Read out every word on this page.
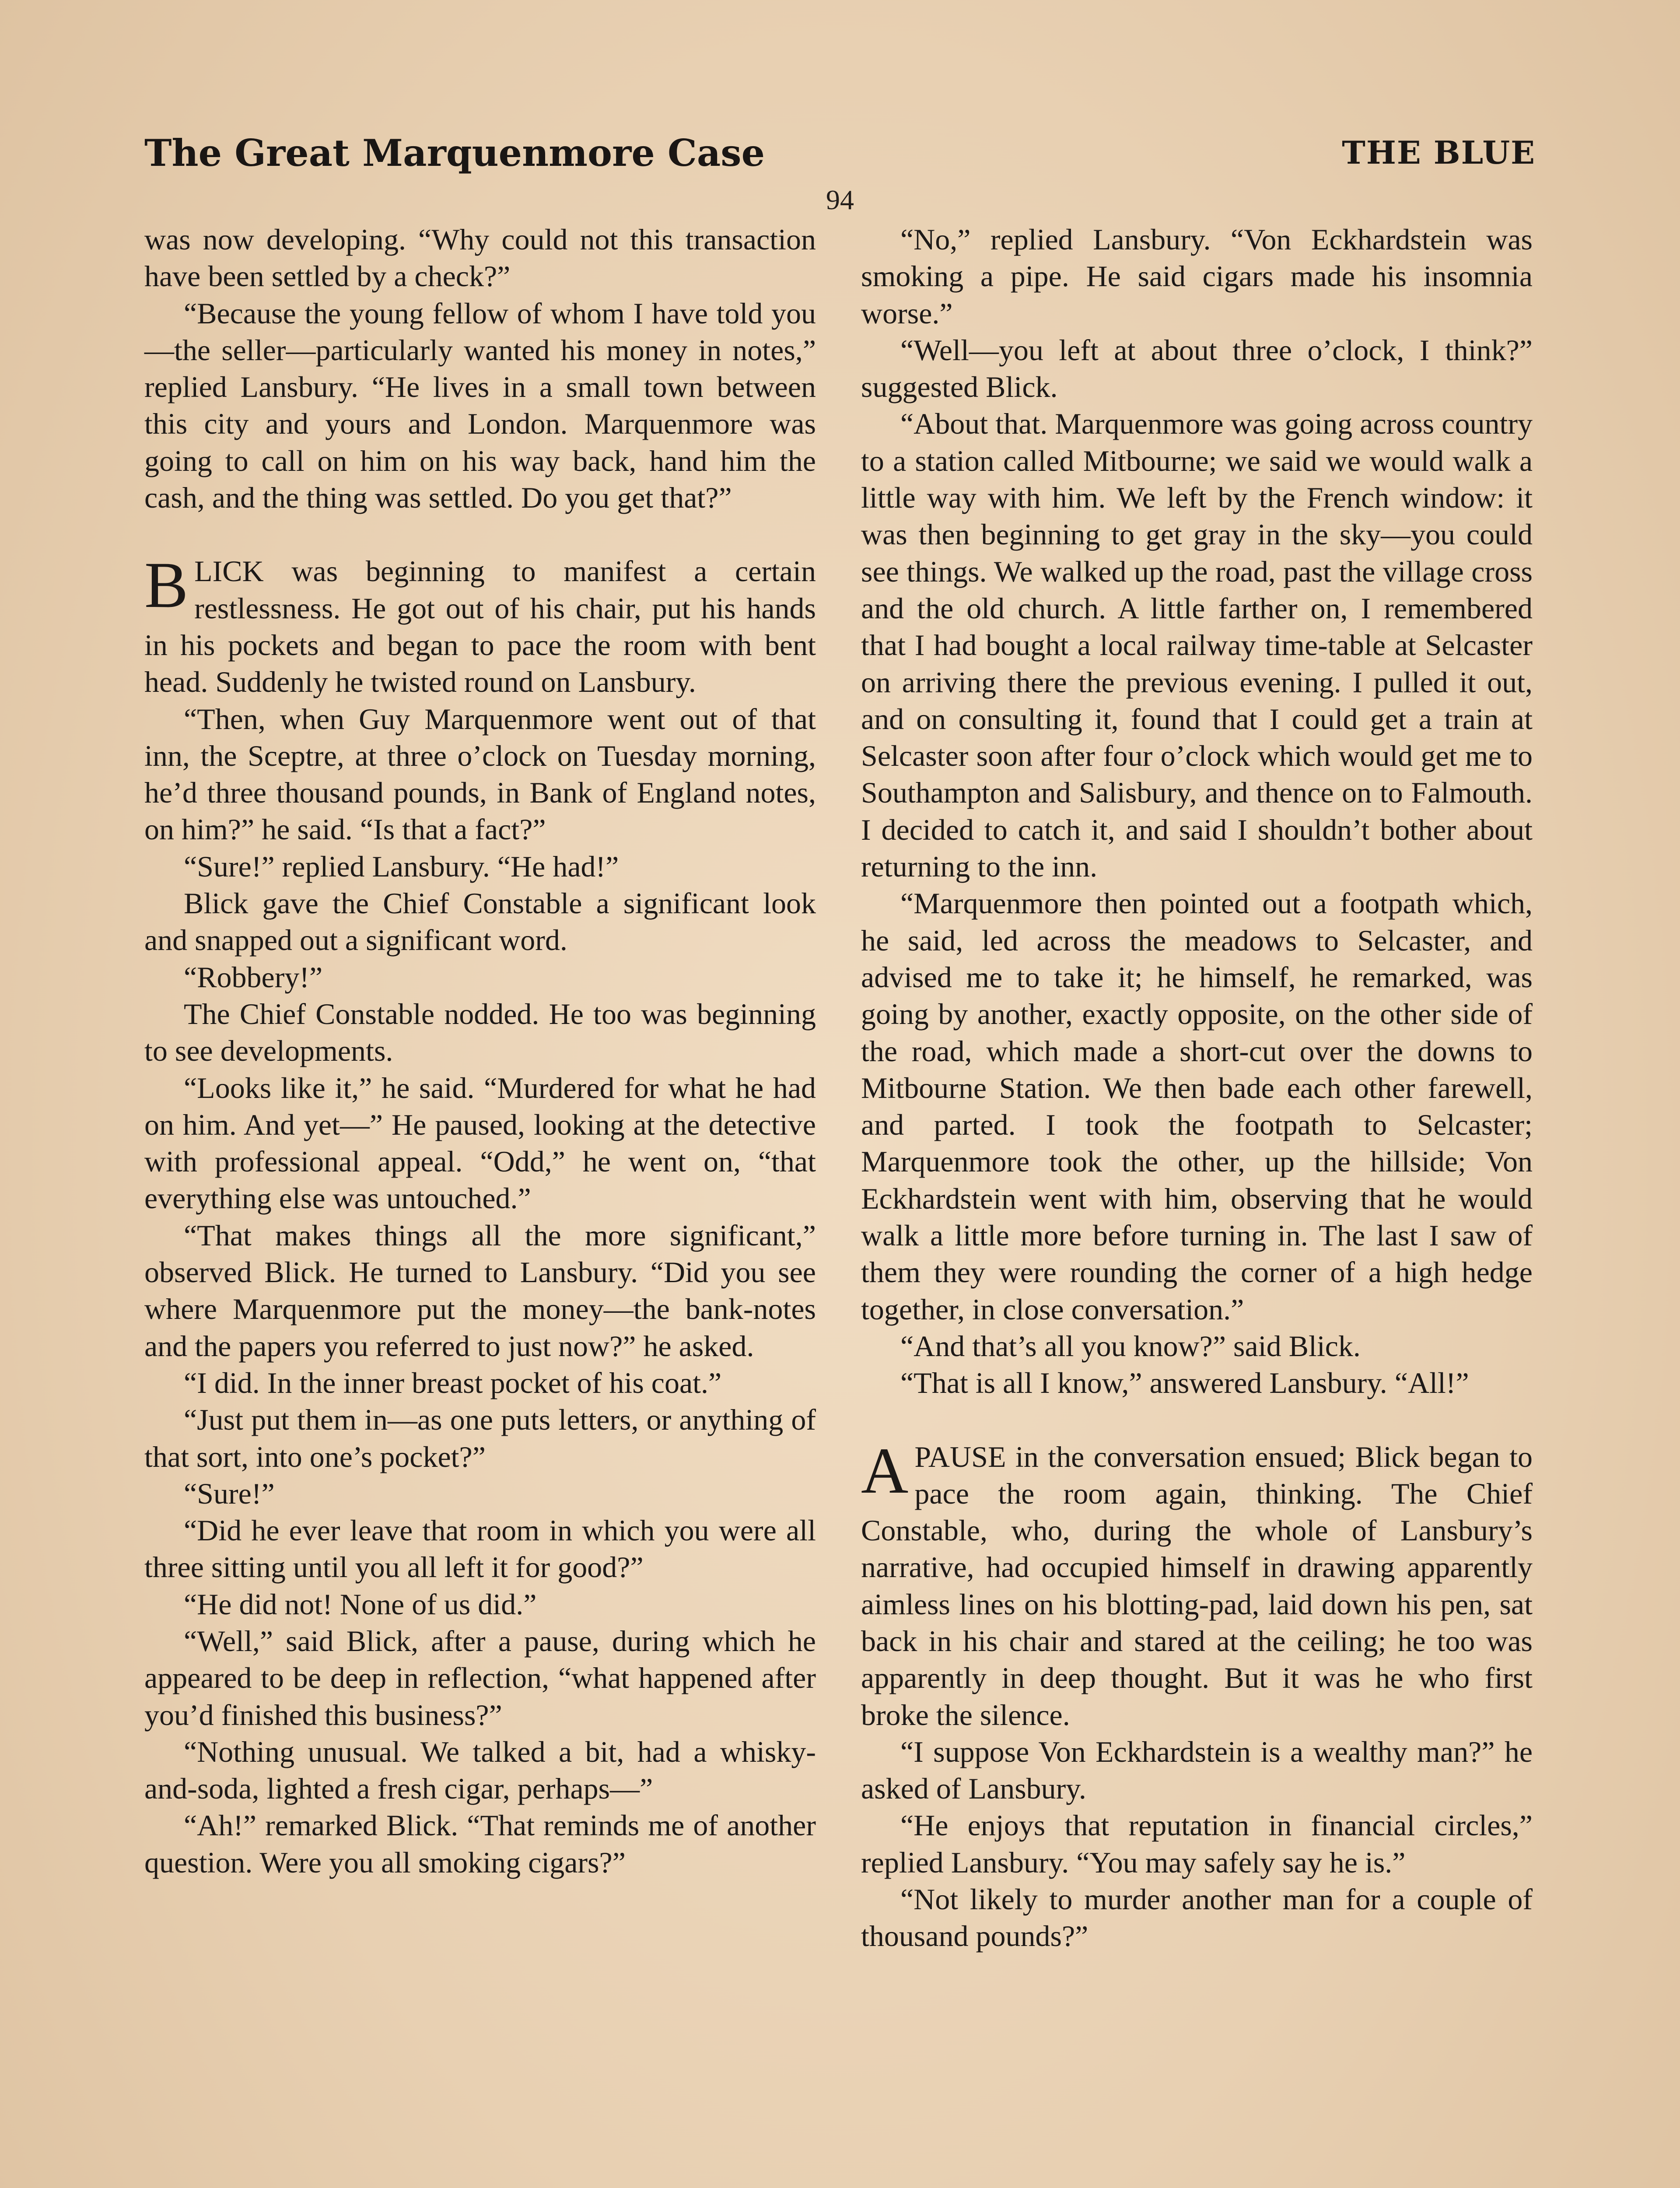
The Great Marquenmore Case	THE BLUE
94

was now developing. “Why could not this transaction have been settled by a check?”

“Because the young fellow of whom I have told you—the seller—particularly wanted his money in notes,” replied Lansbury. “He lives in a small town between this city and yours and London. Marquenmore was going to call on him on his way back, hand him the cash, and the thing was settled. Do you get that?”

BLICK was beginning to manifest a certain restlessness. He got out of his chair, put his hands in his pockets and began to pace the room with bent head. Suddenly he twisted round on Lansbury.

“Then, when Guy Marquenmore went out of that inn, the Sceptre, at three o’clock on Tuesday morning, he’d three thousand pounds, in Bank of England notes, on him?” he said. “Is that a fact?”

“Sure!” replied Lansbury. “He had!”

Blick gave the Chief Constable a significant look and snapped out a significant word.

“Robbery!”

The Chief Constable nodded. He too was beginning to see developments.

“Looks like it,” he said. “Murdered for what he had on him. And yet—” He paused, looking at the detective with professional appeal. “Odd,” he went on, “that everything else was untouched.”

“That makes things all the more significant,” observed Blick. He turned to Lansbury. “Did you see where Marquenmore put the money—the bank-notes and the papers you referred to just now?” he asked.

“I did. In the inner breast pocket of his coat.”

“Just put them in—as one puts letters, or anything of that sort, into one’s pocket?”

“Sure!”

“Did he ever leave that room in which you were all three sitting until you all left it for good?”

“He did not! None of us did.”

“Well,” said Blick, after a pause, during which he appeared to be deep in reflection, “what happened after you’d finished this business?”

“Nothing unusual. We talked a bit, had a whisky-and-soda, lighted a fresh cigar, perhaps—”

“Ah!” remarked Blick. “That reminds me of another question. Were you all smoking cigars?”

“No,” replied Lansbury. “Von Eckhardstein was smoking a pipe. He said cigars made his insomnia worse.”

“Well—you left at about three o’clock, I think?” suggested Blick.

“About that. Marquenmore was going across country to a station called Mitbourne; we said we would walk a little way with him. We left by the French window: it was then beginning to get gray in the sky—you could see things. We walked up the road, past the village cross and the old church. A little farther on, I remembered that I had bought a local railway time-table at Selcaster on arriving there the previous evening. I pulled it out, and on consulting it, found that I could get a train at Selcaster soon after four o’clock which would get me to Southampton and Salisbury, and thence on to Falmouth. I decided to catch it, and said I shouldn’t bother about returning to the inn.

“Marquenmore then pointed out a footpath which, he said, led across the meadows to Selcaster, and advised me to take it; he himself, he remarked, was going by another, exactly opposite, on the other side of the road, which made a short-cut over the downs to Mitbourne Station. We then bade each other farewell, and parted. I took the footpath to Selcaster; Marquenmore took the other, up the hillside; Von Eckhardstein went with him, observing that he would walk a little more before turning in. The last I saw of them they were rounding the corner of a high hedge together, in close conversation.”

“And that’s all you know?” said Blick.

“That is all I know,” answered Lansbury. “All!”

APAUSE in the conversation ensued; Blick began to pace the room again, thinking. The Chief Constable, who, during the whole of Lansbury’s narrative, had occupied himself in drawing apparently aimless lines on his blotting-pad, laid down his pen, sat back in his chair and stared at the ceiling; he too was apparently in deep thought. But it was he who first broke the silence.

“I suppose Von Eckhardstein is a wealthy man?” he asked of Lansbury.

“He enjoys that reputation in financial circles,” replied Lansbury. “You may safely say he is.”

“Not likely to murder another man for a couple of thousand pounds?”
